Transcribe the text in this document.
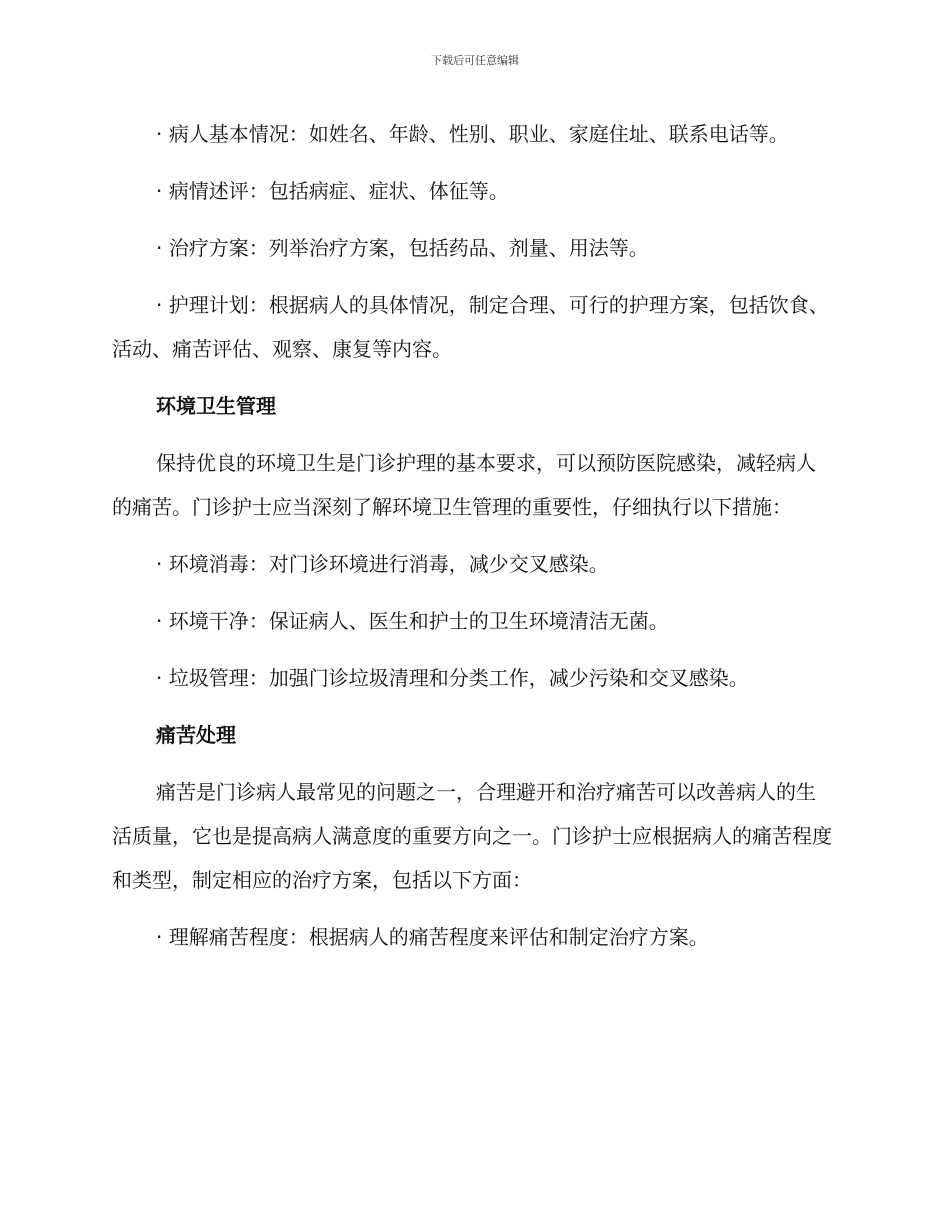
下载后可任意编辑

· 病人基本情况：如姓名、年龄、性别、职业、家庭住址、联系电话等。

· 病情述评：包括病症、症状、体征等。

· 治疗方案：列举治疗方案，包括药品、剂量、用法等。

· 护理计划：根据病人的具体情况，制定合理、可行的护理方案，包括饮食、活动、痛苦评估、观察、康复等内容。

环境卫生管理

保持优良的环境卫生是门诊护理的基本要求，可以预防医院感染，减轻病人的痛苦。门诊护士应当深刻了解环境卫生管理的重要性，仔细执行以下措施：

· 环境消毒：对门诊环境进行消毒，减少交叉感染。

· 环境干净：保证病人、医生和护士的卫生环境清洁无菌。

· 垃圾管理：加强门诊垃圾清理和分类工作，减少污染和交叉感染。

痛苦处理

痛苦是门诊病人最常见的问题之一，合理避开和治疗痛苦可以改善病人的生活质量，它也是提高病人满意度的重要方向之一。门诊护士应根据病人的痛苦程度和类型，制定相应的治疗方案，包括以下方面：

· 理解痛苦程度：根据病人的痛苦程度来评估和制定治疗方案。
